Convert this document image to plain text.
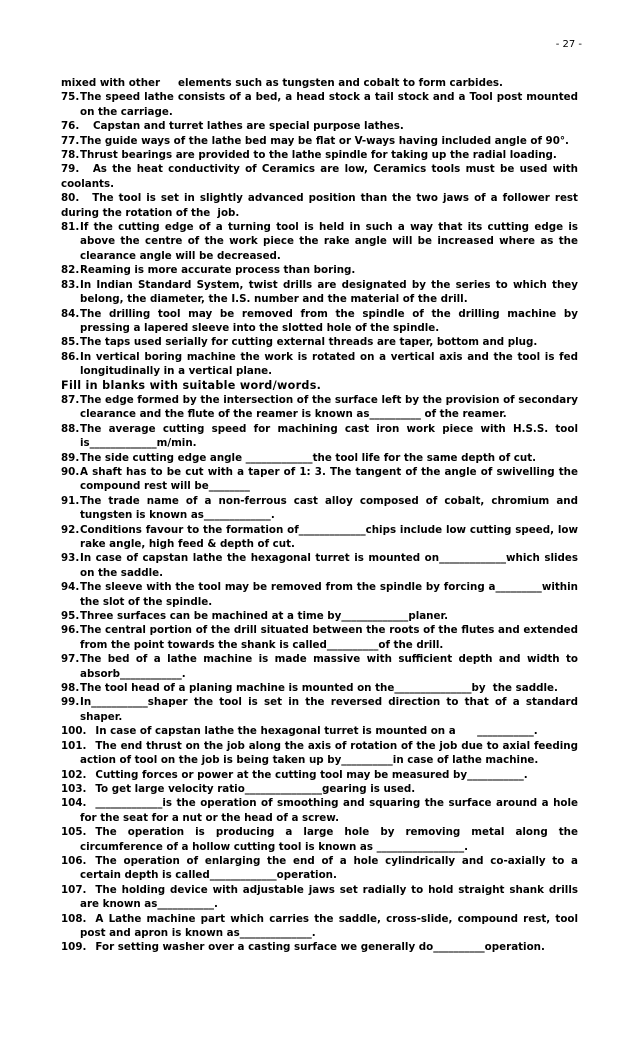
- 27 -

mixed with other     elements such as tungsten and cobalt to form carbides.

75.The speed lathe consists of a bed, a head stock a tail stock and a Tool post mounted on the carriage.

76.   Capstan and turret lathes are special purpose lathes.

77.The guide ways of the lathe bed may be flat or V-ways having included angle of 90°.

78.Thrust bearings are provided to the lathe spindle for taking up the radial loading.

79.  As the heat conductivity of Ceramics are low, Ceramics tools must be used with coolants.

80.  The tool is set in slightly advanced position than the two jaws of a follower rest during the rotation of the  job.

81.If the cutting edge of a turning tool is held in such a way that its cutting edge is above the centre of the work piece the rake angle will be increased where as the clearance angle will be decreased.

82.Reaming is more accurate process than boring.

83.In Indian Standard System, twist drills are designated by the series to which they belong, the diameter, the I.S. number and the material of the drill.

84.The drilling tool may be removed from the spindle of the drilling machine by pressing a lapered sleeve into the slotted hole of the spindle.

85.The taps used serially for cutting external threads are taper, bottom and plug.

86.In vertical boring machine the work is rotated on a vertical axis and the tool is fed longitudinally in a vertical plane.

Fill in blanks with suitable word/words.

87.The edge formed by the intersection of the surface left by the provision of secondary clearance and the flute of the reamer is known as__________ of the reamer.

88.The average cutting speed for machining cast iron work piece with H.S.S. tool is_____________m/min.

89.The side cutting edge angle _____________the tool life for the same depth of cut.

90.A shaft has to be cut with a taper of 1: 3. The tangent of the angle of swivelling the compound rest will be________

91.The trade name of a non-ferrous cast alloy composed of cobalt, chromium and tungsten is known as_____________.

92.Conditions favour to the formation of_____________chips include low cutting speed, low rake angle, high feed & depth of cut.

93.In case of capstan lathe the hexagonal turret is mounted on_____________which slides on the saddle.

94.The sleeve with the tool may be removed from the spindle by forcing a_________within the slot of the spindle.

95.Three surfaces can be machined at a time by_____________planer.

96.The central portion of the drill situated between the roots of the flutes and extended from the point towards the shank is called__________of the drill.

97.The bed of a lathe machine is made massive with sufficient depth and width to absorb____________.

98.The tool head of a planing machine is mounted on the_______________by  the saddle.

99.In___________shaper the tool is set in the reversed direction to that of a standard shaper.

100. In case of capstan lathe the hexagonal turret is mounted on a      ___________.

101. The end thrust on the job along the axis of rotation of the job due to axial feeding action of tool on the job is being taken up by__________in case of lathe machine.

102. Cutting forces or power at the cutting tool may be measured by___________.

103. To get large velocity ratio_______________gearing is used.

104. _____________is the operation of smoothing and squaring the surface around a hole for the seat for a nut or the head of a screw.

105. The operation is producing a large hole by removing metal along the circumference of a hollow cutting tool is known as _________________.

106. The operation of enlarging the end of a hole cylindrically and co-axially to a certain depth is called_____________operation.

107. The holding device with adjustable jaws set radially to hold straight shank drills are known as___________.

108. A Lathe machine part which carries the saddle, cross-slide, compound rest, tool post and apron is known as______________.

109. For setting washer over a casting surface we generally do__________operation.
